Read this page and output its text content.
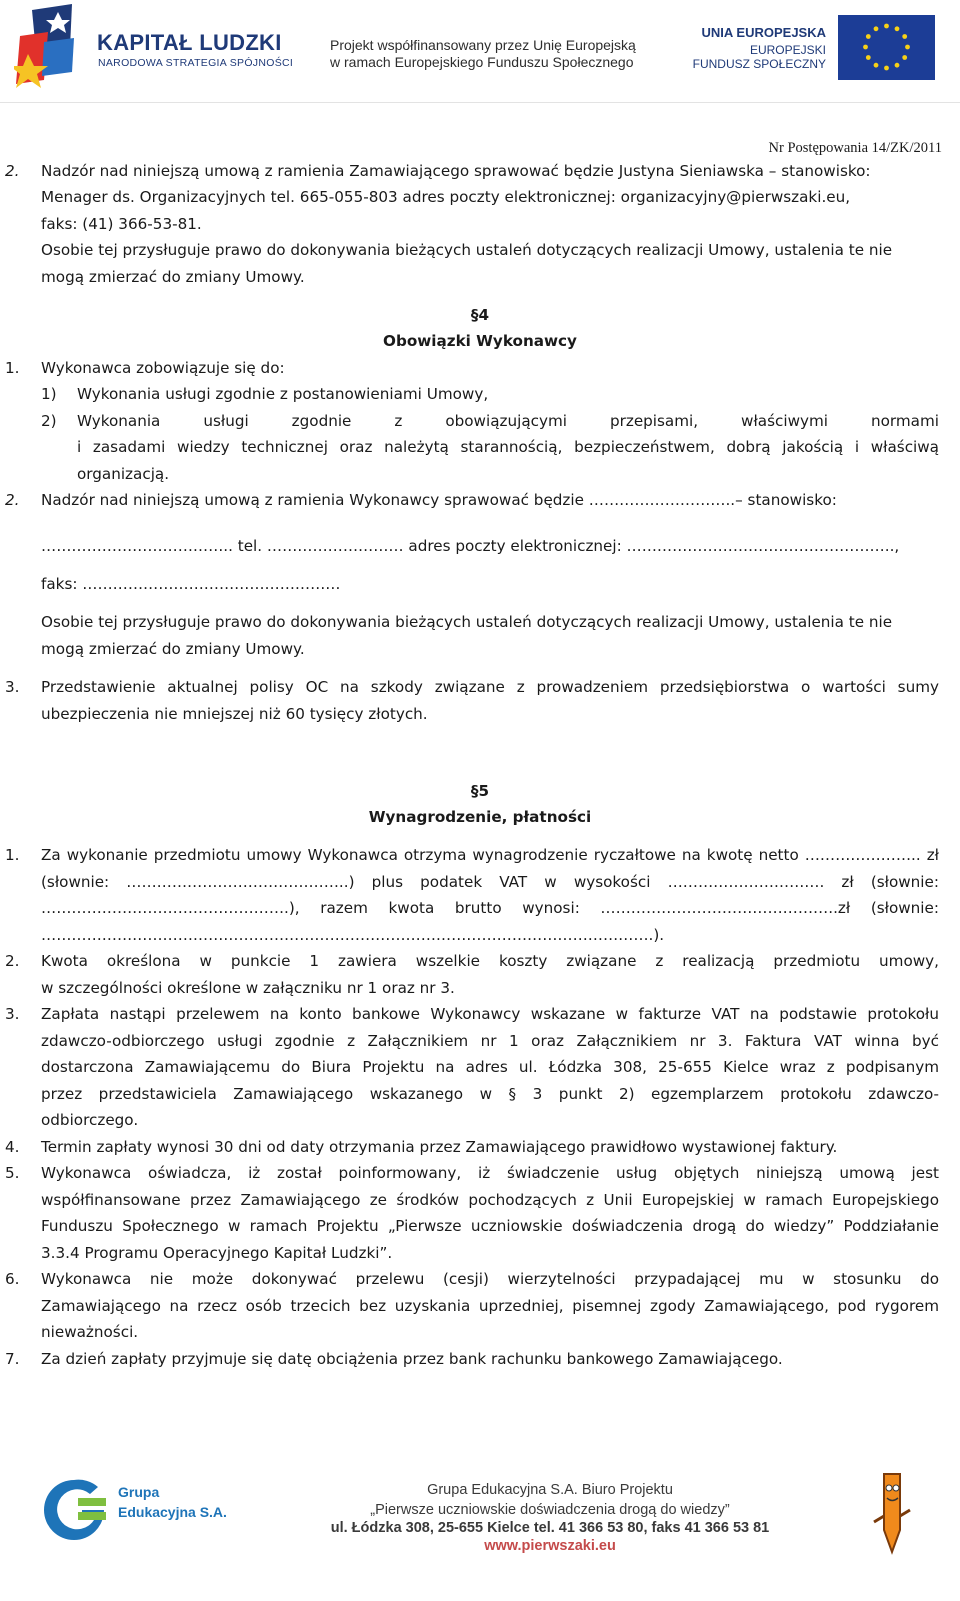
KAPITAŁ LUDZKI
NARODOWA STRATEGIA SPÓJNOŚCI
Projekt współfinansowany przez Unię Europejską
w ramach Europejskiego Funduszu Społecznego
UNIA EUROPEJSKA
EUROPEJSKI
FUNDUSZ SPOŁECZNY
Nr Postępowania 14/ZK/2011
2. Nadzór nad niniejszą umową z ramienia Zamawiającego sprawować będzie Justyna Sieniawska – stanowisko:
Menager ds. Organizacyjnych tel. 665-055-803 adres poczty elektronicznej: organizacyjny@pierwszaki.eu,
faks: (41) 366-53-81.
Osobie tej przysługuje prawo do dokonywania bieżących ustaleń dotyczących realizacji Umowy, ustalenia te nie
mogą zmierzać do zmiany Umowy.
§4
Obowiązki Wykonawcy
1. Wykonawca zobowiązuje się do:
1) Wykonania usługi zgodnie z postanowieniami Umowy,
2) Wykonania usługi zgodnie z obowiązującymi przepisami, właściwymi normami
i zasadami wiedzy technicznej oraz należytą starannością, bezpieczeństwem, dobrą jakością i właściwą
organizacją.
2. Nadzór nad niniejszą umową z ramienia Wykonawcy sprawować będzie ………………………..– stanowisko:
……………………………….. tel. ……………………… adres poczty elektronicznej: ……………………………………………..,
faks: ……………………………………………
Osobie tej przysługuje prawo do dokonywania bieżących ustaleń dotyczących realizacji Umowy, ustalenia te nie
mogą zmierzać do zmiany Umowy.
3. Przedstawienie aktualnej polisy OC na szkody związane z prowadzeniem przedsiębiorstwa o wartości sumy
ubezpieczenia nie mniejszej niż 60 tysięcy złotych.
§5
Wynagrodzenie, płatności
1. Za wykonanie przedmiotu umowy Wykonawca otrzyma wynagrodzenie ryczałtowe na kwotę netto ………………….. zł
(słownie: ……………………………………..) plus podatek VAT w wysokości …………………………. zł (słownie:
………………………………………….), razem kwota brutto wynosi: ………………………………………..zł (słownie:
………………………………………………………………………………………………………….).
2. Kwota określona w punkcie 1 zawiera wszelkie koszty związane z realizacją przedmiotu umowy,
w szczególności określone w załączniku nr 1 oraz nr 3.
3. Zapłata nastąpi przelewem na konto bankowe Wykonawcy wskazane w fakturze VAT na podstawie protokołu
zdawczo-odbiorczego usługi zgodnie z Załącznikiem nr 1 oraz Załącznikiem nr 3. Faktura VAT winna być
dostarczona Zamawiającemu do Biura Projektu na adres ul. Łódzka 308, 25-655 Kielce wraz z podpisanym
przez przedstawiciela Zamawiającego wskazanego w § 3 punkt 2) egzemplarzem protokołu zdawczo-
odbiorczego.
4. Termin zapłaty wynosi 30 dni od daty otrzymania przez Zamawiającego prawidłowo wystawionej faktury.
5. Wykonawca oświadcza, iż został poinformowany, iż świadczenie usług objętych niniejszą umową jest
współfinansowane przez Zamawiającego ze środków pochodzących z Unii Europejskiej w ramach Europejskiego
Funduszu Społecznego w ramach Projektu „Pierwsze uczniowskie doświadczenia drogą do wiedzy” Poddziałanie
3.3.4 Programu Operacyjnego Kapitał Ludzki”.
6. Wykonawca nie może dokonywać przelewu (cesji) wierzytelności przypadającej mu w stosunku do
Zamawiającego na rzecz osób trzecich bez uzyskania uprzedniej, pisemnej zgody Zamawiającego, pod rygorem
nieważności.
7. Za dzień zapłaty przyjmuje się datę obciążenia przez bank rachunku bankowego Zamawiającego.
Grupa
Edukacyjna S.A.
Grupa Edukacyjna S.A. Biuro Projektu
„Pierwsze uczniowskie doświadczenia drogą do wiedzy”
ul. Łódzka 308, 25-655 Kielce tel. 41 366 53 80, faks 41 366 53 81
www.pierwszaki.eu
